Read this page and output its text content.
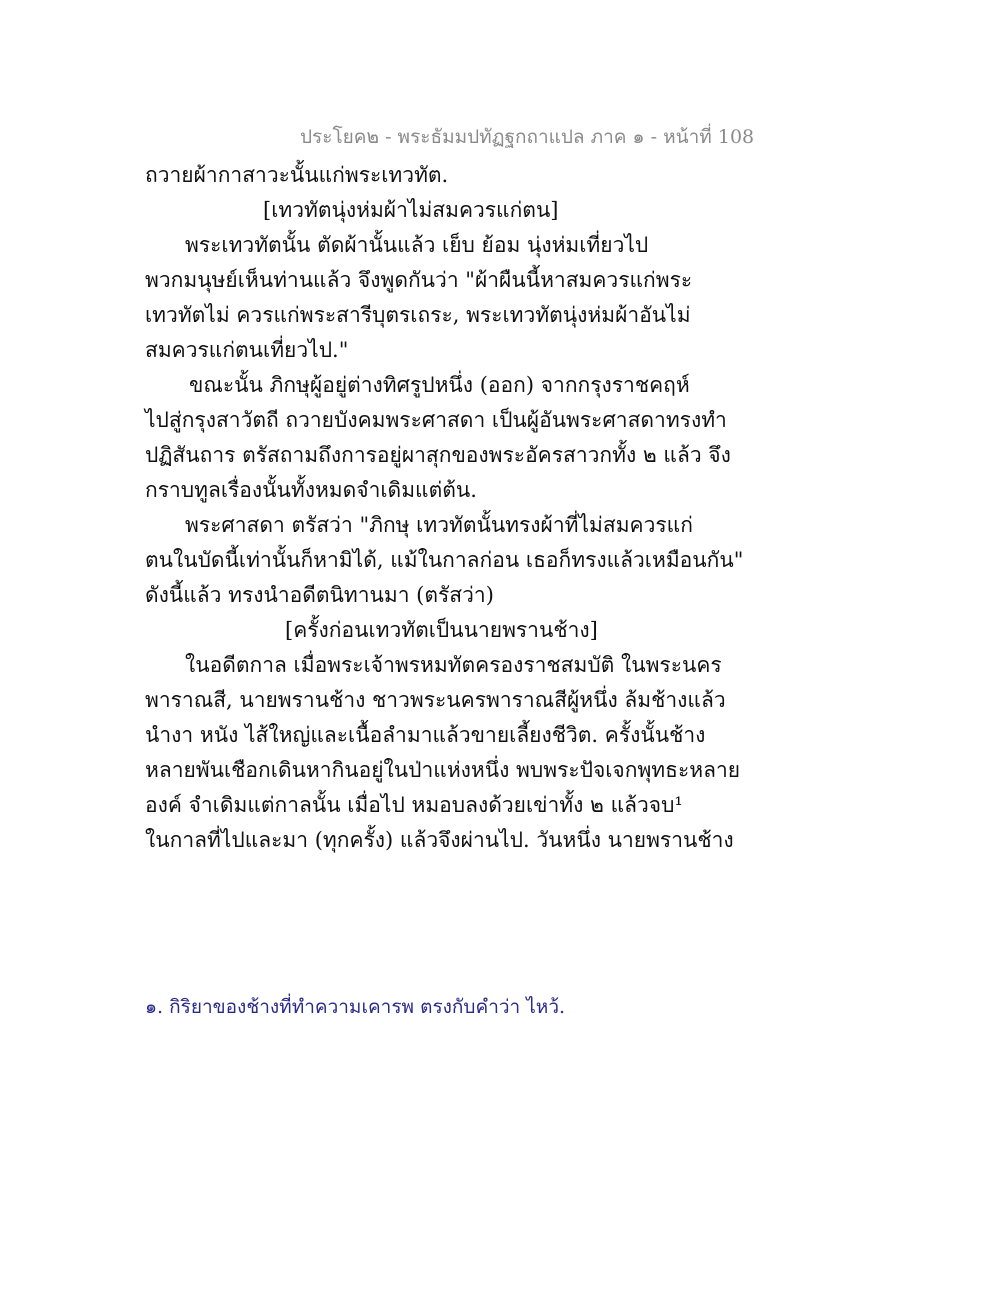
ประโยค๒ - พระธัมมปทัฏฐกถาแปล ภาค ๑ - หน้าที่ 108
ถวายผ้ากาสาวะนั้นแก่พระเทวทัต.
[เทวทัตนุ่งห่มผ้าไม่สมควรแก่ตน]
พระเทวทัตนั้น ตัดผ้านั้นแล้ว เย็บ ย้อม นุ่งห่มเที่ยวไป
พวกมนุษย์เห็นท่านแล้ว จึงพูดกันว่า "ผ้าผืนนี้หาสมควรแก่พระ
เทวทัตไม่ ควรแก่พระสารีบุตรเถระ, พระเทวทัตนุ่งห่มผ้าอันไม่
สมควรแก่ตนเที่ยวไป."
ขณะนั้น ภิกษุผู้อยู่ต่างทิศรูปหนึ่ง (ออก) จากกรุงราชคฤห์
ไปสู่กรุงสาวัตถี ถวายบังคมพระศาสดา เป็นผู้อันพระศาสดาทรงทำ
ปฏิสันถาร ตรัสถามถึงการอยู่ผาสุกของพระอัครสาวกทั้ง ๒ แล้ว จึง
กราบทูลเรื่องนั้นทั้งหมดจำเดิมแต่ต้น.
พระศาสดา ตรัสว่า "ภิกษุ เทวทัตนั้นทรงผ้าที่ไม่สมควรแก่
ตนในบัดนี้เท่านั้นก็หามิได้, แม้ในกาลก่อน เธอก็ทรงแล้วเหมือนกัน"
ดังนี้แล้ว ทรงนำอดีตนิทานมา (ตรัสว่า)
[ครั้งก่อนเทวทัตเป็นนายพรานช้าง]
ในอดีตกาล เมื่อพระเจ้าพรหมทัตครองราชสมบัติ ในพระนคร
พาราณสี, นายพรานช้าง ชาวพระนครพาราณสีผู้หนึ่ง ล้มช้างแล้ว
นำงา หนัง ไส้ใหญ่และเนื้อลำมาแล้วขายเลี้ยงชีวิต. ครั้งนั้นช้าง
หลายพันเชือกเดินหากินอยู่ในป่าแห่งหนึ่ง พบพระปัจเจกพุทธะหลาย
องค์ จำเดิมแต่กาลนั้น เมื่อไป หมอบลงด้วยเข่าทั้ง ๒ แล้วจบ¹
ในกาลที่ไปและมา (ทุกครั้ง) แล้วจึงผ่านไป. วันหนึ่ง นายพรานช้าง
๑. กิริยาของช้างที่ทำความเคารพ ตรงกับคำว่า ไหว้.
